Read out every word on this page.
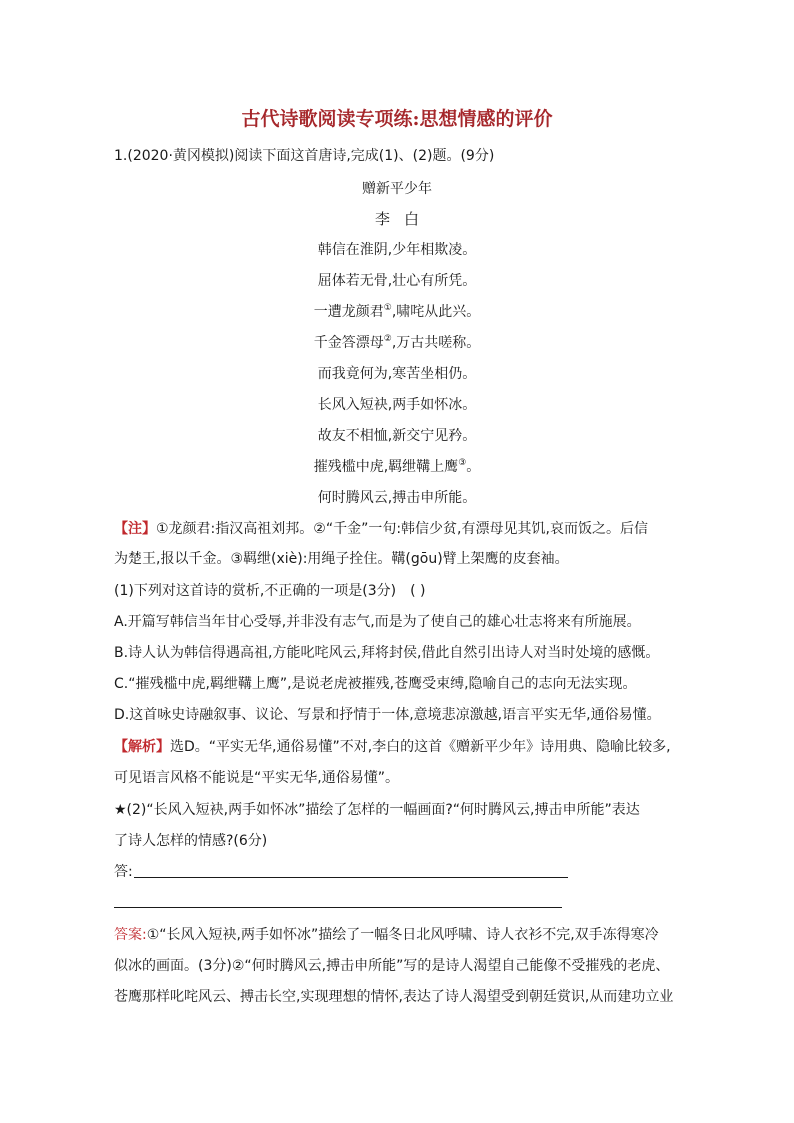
古代诗歌阅读专项练:思想情感的评价
1.(2020·黄冈模拟)阅读下面这首唐诗,完成(1)、(2)题。(9分)
赠新平少年
李白
韩信在淮阴,少年相欺凌。
屈体若无骨,壮心有所凭。
一遭龙颜君①,啸咤从此兴。
千金答漂母②,万古共嗟称。
而我竟何为,寒苦坐相仍。
长风入短袂,两手如怀冰。
故友不相恤,新交宁见矜。
摧残槛中虎,羁绁鞲上鹰③。
何时腾风云,搏击申所能。
【注】①龙颜君:指汉高祖刘邦。②“千金”一句:韩信少贫,有漂母见其饥,哀而饭之。后信
为楚王,报以千金。③羁绁(xiè):用绳子拴住。鞲(gōu)臂上架鹰的皮套袖。
(1)下列对这首诗的赏析,不正确的一项是(3分) ( )
A.开篇写韩信当年甘心受辱,并非没有志气,而是为了使自己的雄心壮志将来有所施展。
B.诗人认为韩信得遇高祖,方能叱咤风云,拜将封侯,借此自然引出诗人对当时处境的感慨。
C.“摧残槛中虎,羁绁鞲上鹰”,是说老虎被摧残,苍鹰受束缚,隐喻自己的志向无法实现。
D.这首咏史诗融叙事、议论、写景和抒情于一体,意境悲凉激越,语言平实无华,通俗易懂。
【解析】选D。“平实无华,通俗易懂”不对,李白的这首《赠新平少年》诗用典、隐喻比较多,
可见语言风格不能说是“平实无华,通俗易懂”。
★(2)“长风入短袂,两手如怀冰”描绘了怎样的一幅画面?“何时腾风云,搏击申所能”表达
了诗人怎样的情感?(6分)
答:
答案:①“长风入短袂,两手如怀冰”描绘了一幅冬日北风呼啸、诗人衣衫不完,双手冻得寒冷
似冰的画面。(3分)②“何时腾风云,搏击申所能”写的是诗人渴望自己能像不受摧残的老虎、
苍鹰那样叱咤风云、搏击长空,实现理想的情怀,表达了诗人渴望受到朝廷赏识,从而建功立业
